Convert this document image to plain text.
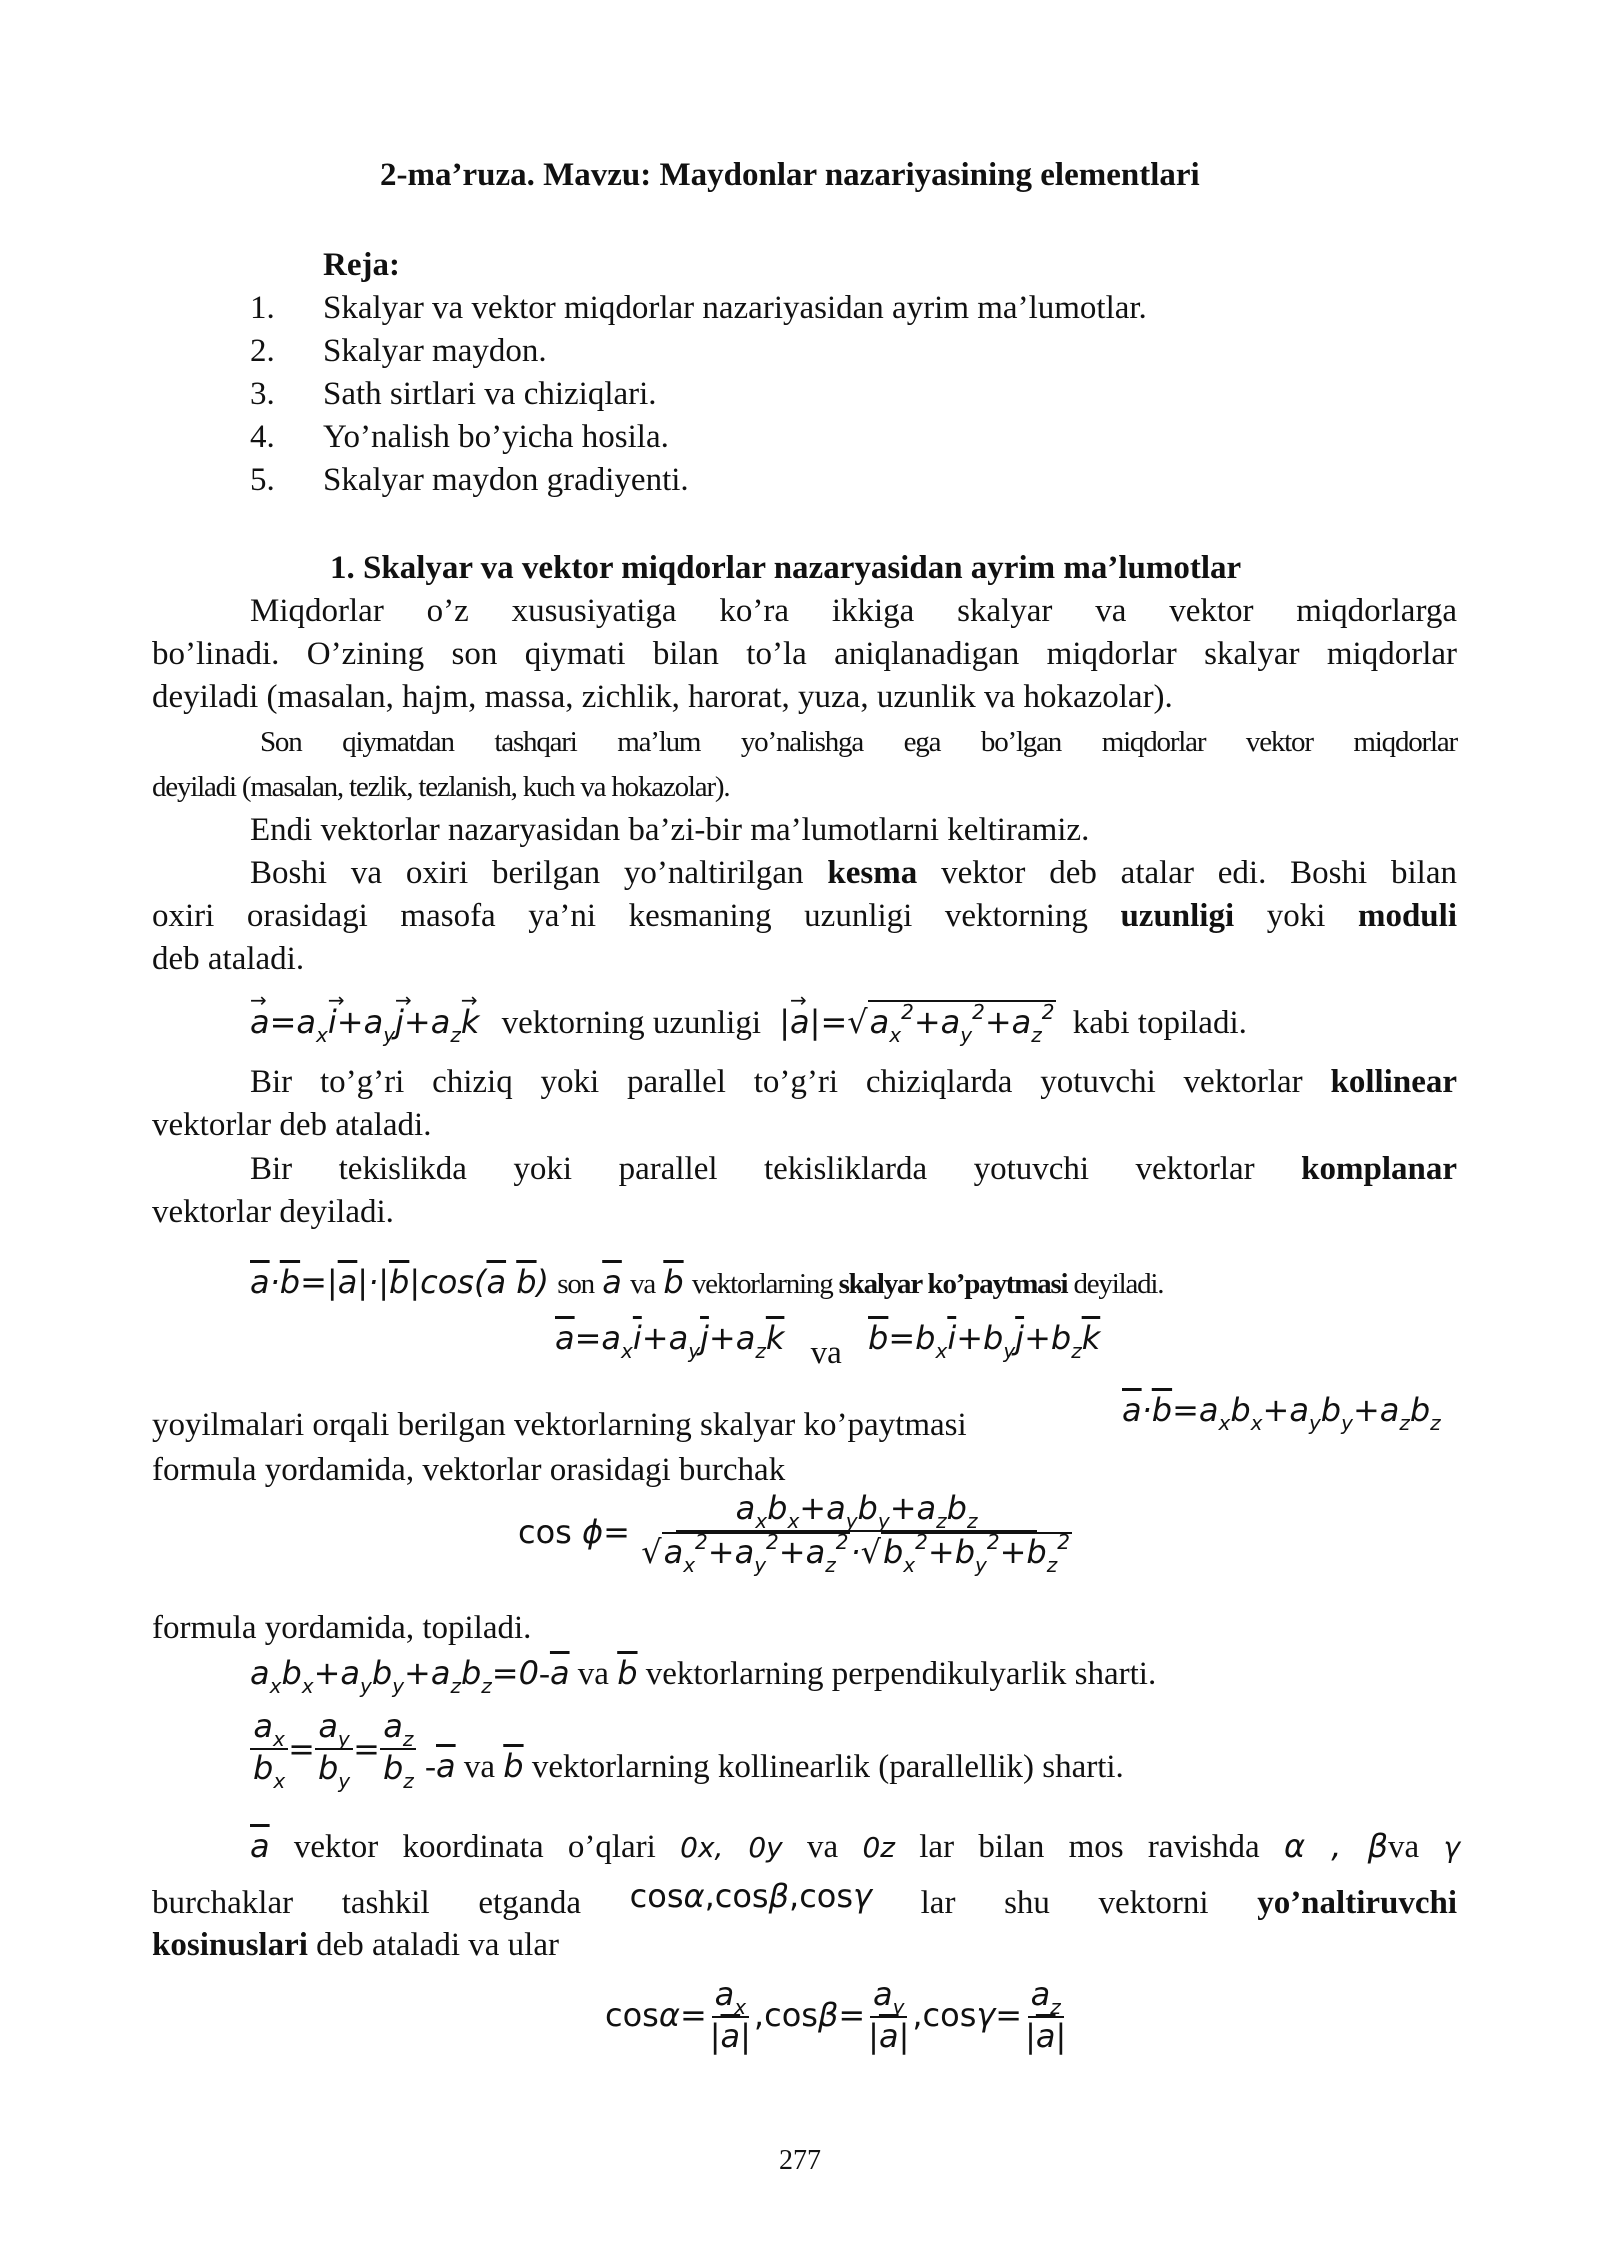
2-ma’ruza. Mavzu: Maydonlar nazariyasining elementlari
Reja:
1. Skalyar va vektor miqdorlar nazariyasidan ayrim ma’lumotlar.
2. Skalyar maydon.
3. Sath sirtlari va chiziqlari.
4. Yo’nalish bo’yicha hosila.
5. Skalyar maydon gradiyenti.
1. Skalyar va vektor miqdorlar nazaryasidan ayrim ma’lumotlar
Miqdorlar o’z xususiyatiga ko’ra ikkiga skalyar va vektor miqdorlarga
bo’linadi. O’zining son qiymati bilan to’la aniqlanadigan miqdorlar skalyar miqdorlar
deyiladi (masalan, hajm, massa, zichlik, harorat, yuza, uzunlik va hokazolar).
Son qiymatdan tashqari ma’lum yo’nalishga ega bo’lgan miqdorlar vektor miqdorlar
deyiladi (masalan, tezlik, tezlanish, kuch va hokazolar).
Endi vektorlar nazaryasidan ba’zi-bir ma’lumotlarni keltiramiz.
Boshi va oxiri berilgan yo’naltirilgan kesma vektor deb atalar edi. Boshi bilan
oxiri orasidagi masofa ya’ni kesmaning uzunligi vektorning uzunligi yoki moduli
deb ataladi.
→ $a=a_x\to i+a_y\to j+a_z\to k$ vektorning uzunligi |→ $a|=√a_x^2+a_y^2+a_z^2$ kabi topiladi.
Bir to’g’ri chiziq yoki parallel to’g’ri chiziqlarda yotuvchi vektorlar kollinear
vektorlar deb ataladi.
Bir tekislikda yoki parallel tekisliklarda yotuvchi vektorlar komplanar
vektorlar deyiladi.
$\overline{a}\cdot\overline{b}=|\overline{a}|\cdot|\overline{b}|\cos(\overline{a}$ $\overline{b}$) son $\overline{a}$ va $\overline{b}$ vektorlarning skalyar ko’paytmasi deyiladi.
$\overline{a}=a_x\overline{i}+a_y\overline{j}+a_z\overline{k}$ va $\overline{b}=b_x\overline{i}+b_y\overline{j}+b_z\overline{k}$
yoyilmalari orqali berilgan vektorlarning skalyar ko’paytmasi	$\overline{a}\cdot\overline{b}=a_xb_x+a_yb_y+a_zb_z$
formula yordamida, vektorlar orasidagi burchak
$\cos \phi= \frac{a_xb_x+a_yb_y+a_zb_z}{√a_x^2+a_y^2+a_z^2\cdot√b_x^2+b_y^2+b_z^2}$
formula yordamida, topiladi.
$a_xb_x+a_yb_y+a_zb_z=0-\overline{a}$ va $\overline{b}$ vektorlarning perpendikulyarlik sharti.
$\frac{a_x}{b_x} = \frac{a_y}{b_y} = \frac{a_z}{b_z} -\overline{a}$ va $\overline{b}$ vektorlarning kollinearlik (parallellik) sharti.
$\overline{a}$ vektor koordinata o’qlari 0x, 0y va 0z lar bilan mos ravishda α , βva γ
burchaklar tashkil etganda cosα,cosβ,cosγ lar shu vektorni yo’naltiruvchi
kosinuslari deb ataladi va ular
$\cos\alpha= \frac{a_x}{|\overline{a}|} ,\cos\beta= \frac{a_y}{|\overline{a}|} ,\cos\gamma= \frac{a_z}{|\overline{a}|}$
277
